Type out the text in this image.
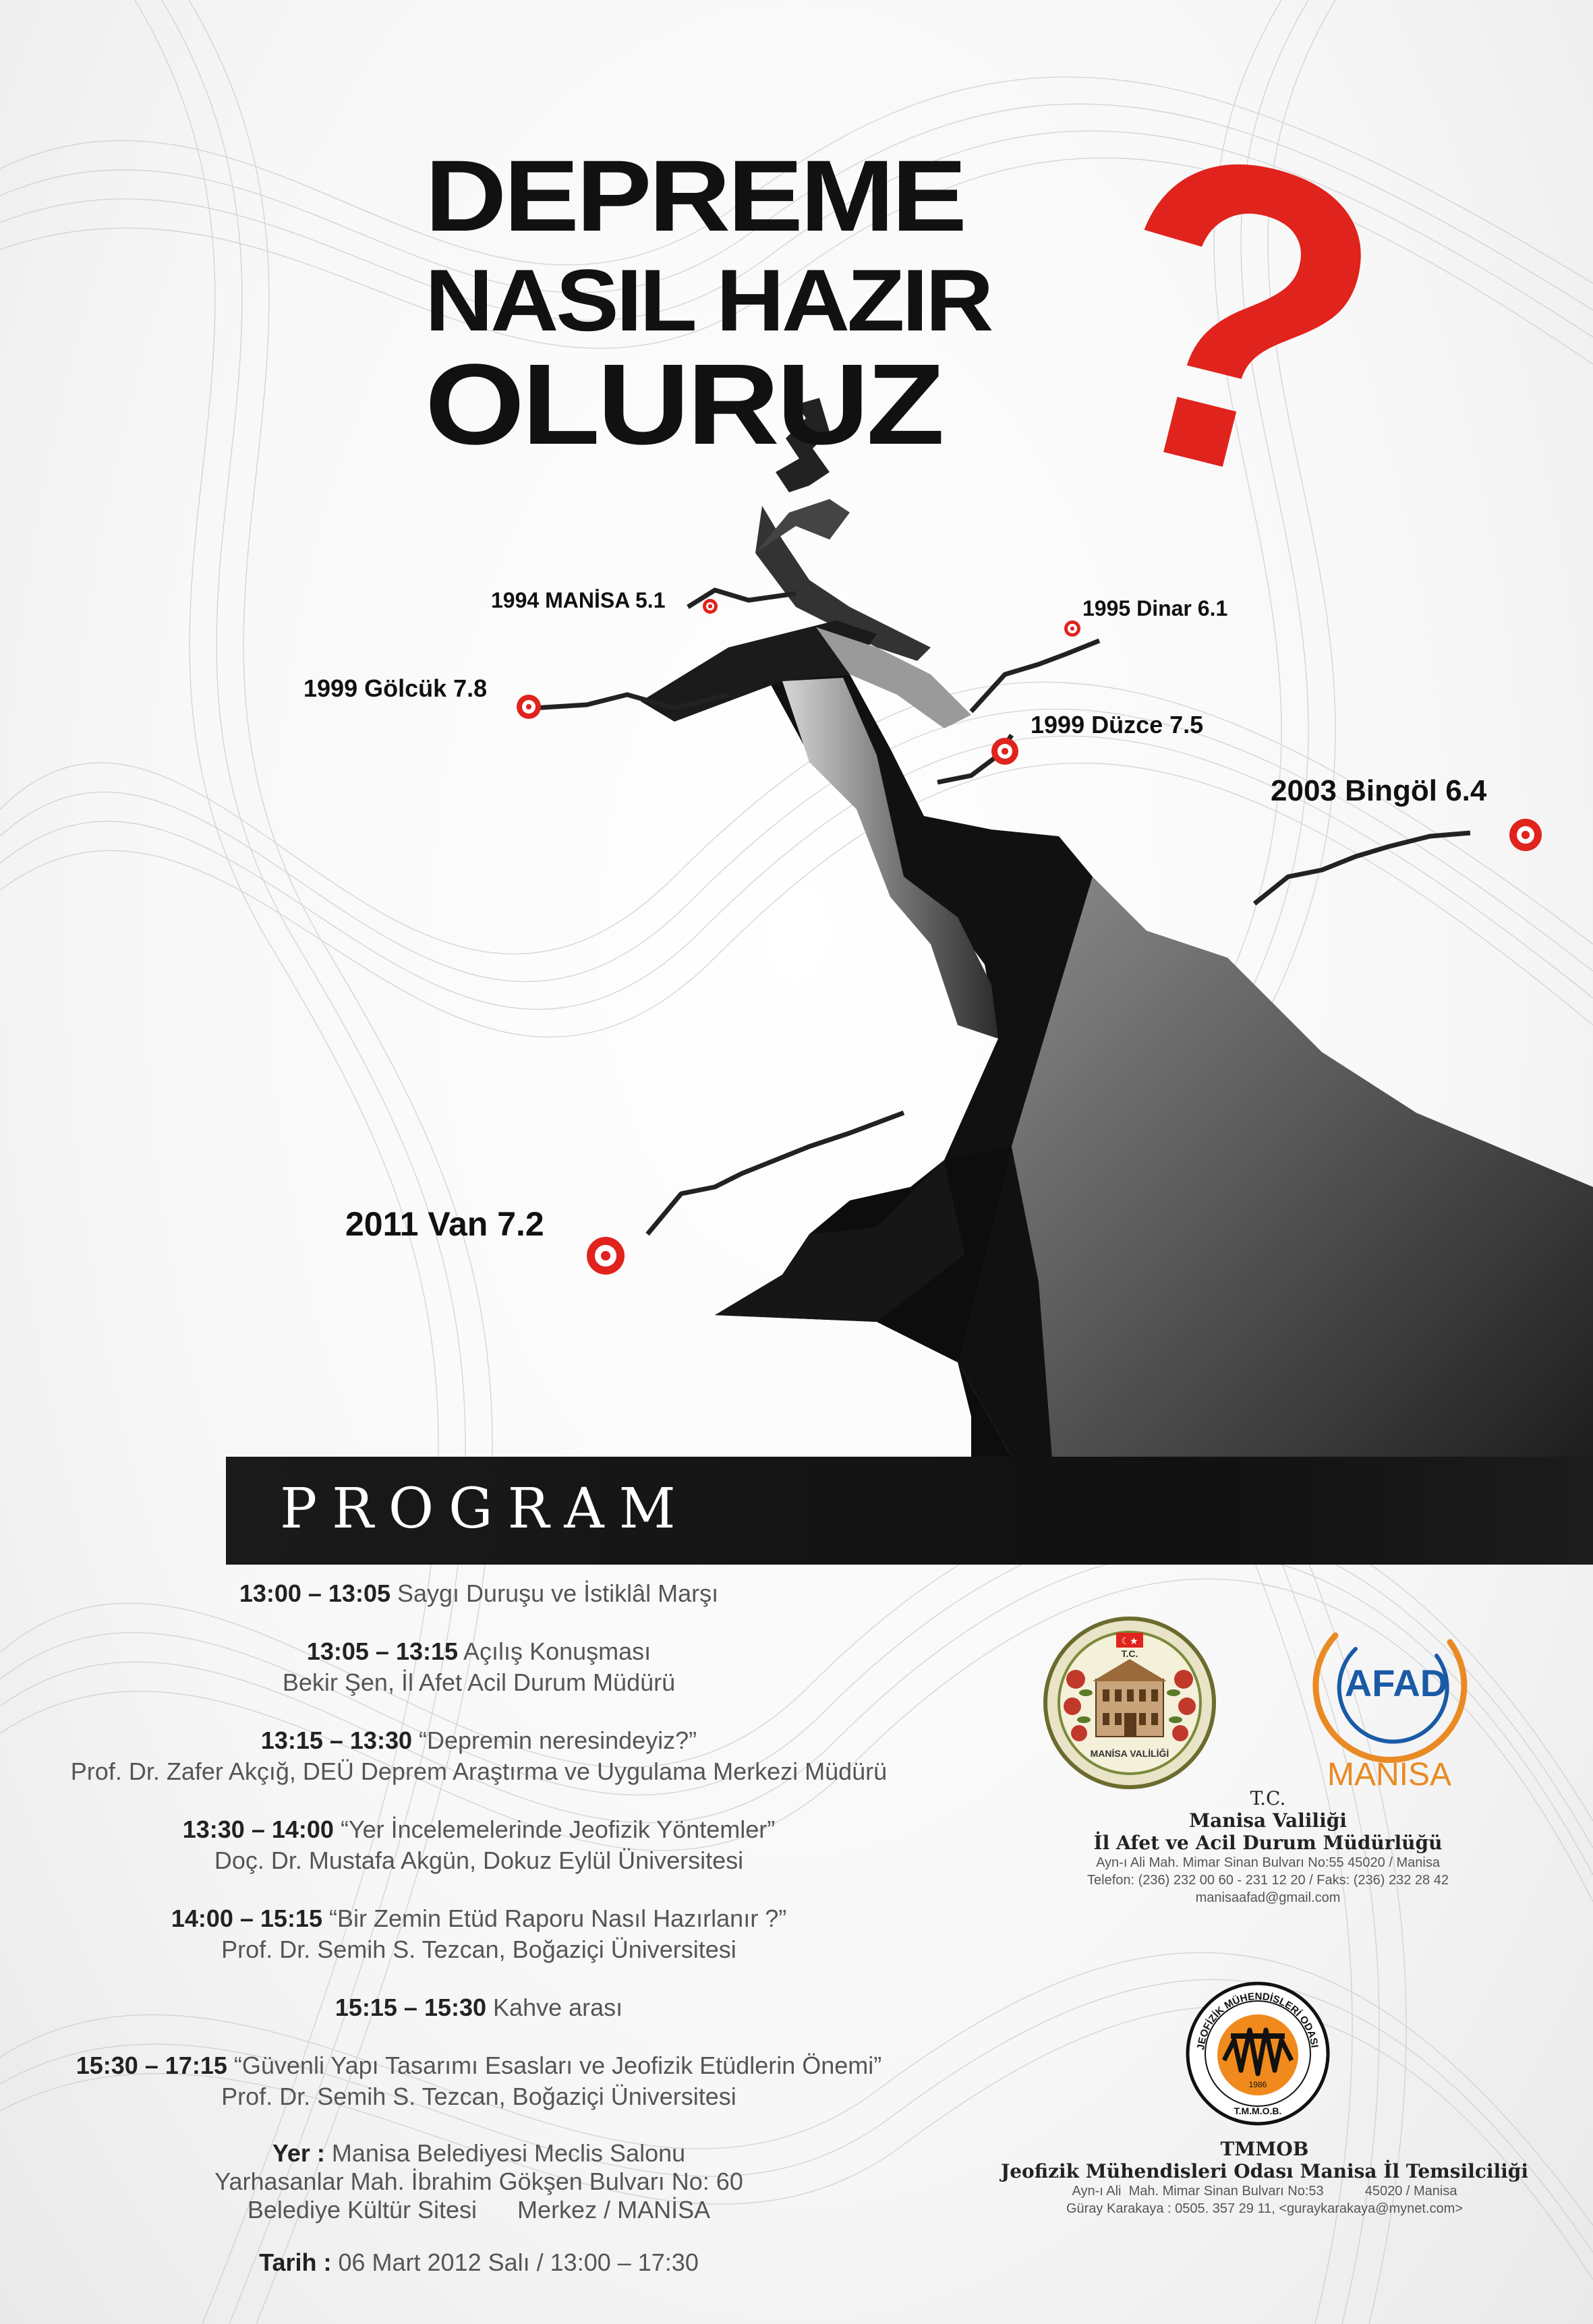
DEPREME
NASIL HAZIR
OLURUZ ?
1994 MANİSA 5.1	1995 Dinar 6.1
1999 Gölcük 7.8
1999 Düzce 7.5
2003 Bingöl 6.4
2011 Van 7.2
PROGRAM
13:00 – 13:05 Saygı Duruşu ve İstiklâl Marşı
13:05 – 13:15 Açılış Konuşması
Bekir Şen, İl Afet Acil Durum Müdürü
13:15 – 13:30 “Depremin neresindeyiz?”
Prof. Dr. Zafer Akçığ, DEÜ Deprem Araştırma ve Uygulama Merkezi Müdürü
13:30 – 14:00 “Yer İncelemelerinde Jeofizik Yöntemler”
Doç. Dr. Mustafa Akgün, Dokuz Eylül Üniversitesi
14:00 – 15:15 “Bir Zemin Etüd Raporu Nasıl Hazırlanır ?”
Prof. Dr. Semih S. Tezcan, Boğaziçi Üniversitesi
15:15 – 15:30 Kahve arası
15:30 – 17:15 “Güvenli Yapı Tasarımı Esasları ve Jeofizik Etüdlerin Önemi”
Prof. Dr. Semih S. Tezcan, Boğaziçi Üniversitesi
Yer : Manisa Belediyesi Meclis Salonu
Yarhasanlar Mah. İbrahim Gökşen Bulvarı No: 60
Belediye Kültür Sitesi      Merkez / MANİSA
Tarih : 06 Mart 2012 Salı / 13:00 – 17:30
☾★
T.C.
MANİSA VALİLİĞİ
AFAD
MANİSA
T.C.
Manisa Valiliği
İl Afet ve Acil Durum Müdürlüğü
Ayn-ı Ali Mah. Mimar Sinan Bulvarı No:55 45020 / Manisa
Telefon: (236) 232 00 60 - 231 12 20 / Faks: (236) 232 28 42
manisaafad@gmail.com
JEOFİZİK MÜHENDİSLERİ ODASI
1986
T.M.M.O.B.
TMMOB
Jeofizik Mühendisleri Odası Manisa İl Temsilciliği
Ayn-ı Ali  Mah. Mimar Sinan Bulvarı No:53           45020 / Manisa
Güray Karakaya : 0505. 357 29 11, <guraykarakaya@mynet.com>
